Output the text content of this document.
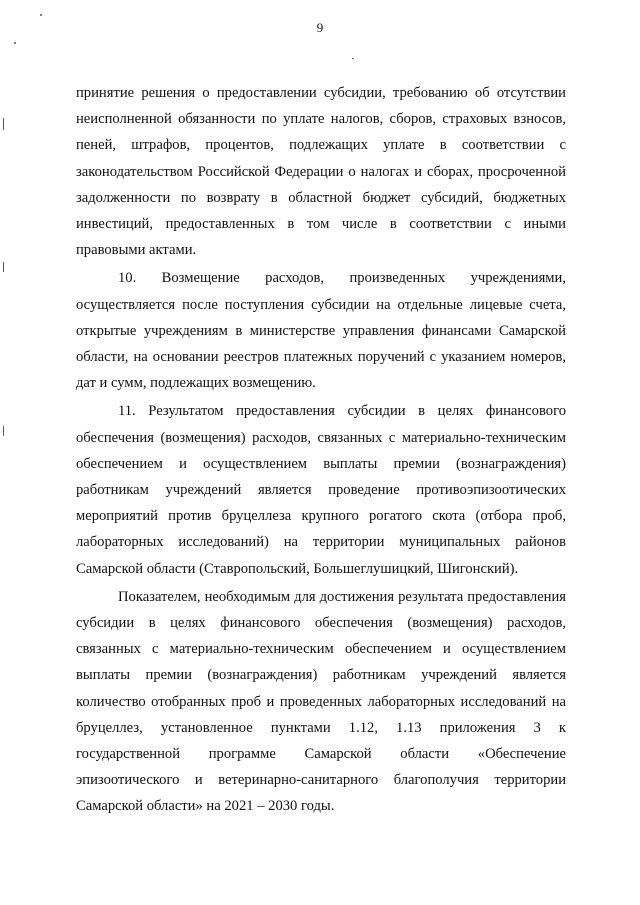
9

принятие решения о предоставлении субсидии, требованию об отсутствии неисполненной обязанности по уплате налогов, сборов, страховых взносов, пеней, штрафов, процентов, подлежащих уплате в соответствии с законодательством Российской Федерации о налогах и сборах, просроченной задолженности по возврату в областной бюджет субсидий, бюджетных инвестиций, предоставленных в том числе в соответствии с иными правовыми актами.

10. Возмещение расходов, произведенных учреждениями, осуществляется после поступления субсидии на отдельные лицевые счета, открытые учреждениям в министерстве управления финансами Самарской области, на основании реестров платежных поручений с указанием номеров, дат и сумм, подлежащих возмещению.

11. Результатом предоставления субсидии в целях финансового обеспечения (возмещения) расходов, связанных с материально-техническим обеспечением и осуществлением выплаты премии (вознаграждения) работникам учреждений является проведение противоэпизоотических мероприятий против бруцеллеза крупного рогатого скота (отбора проб, лабораторных исследований) на территории муниципальных районов Самарской области (Ставропольский, Большеглушицкий, Шигонский).

Показателем, необходимым для достижения результата предоставления субсидии в целях финансового обеспечения (возмещения) расходов, связанных с материально-техническим обеспечением и осуществлением выплаты премии (вознаграждения) работникам учреждений является количество отобранных проб и проведенных лабораторных исследований на бруцеллез, установленное пунктами 1.12, 1.13 приложения 3 к государственной программе Самарской области «Обеспечение эпизоотического и ветеринарно-санитарного благополучия территории Самарской области» на 2021 – 2030 годы.
